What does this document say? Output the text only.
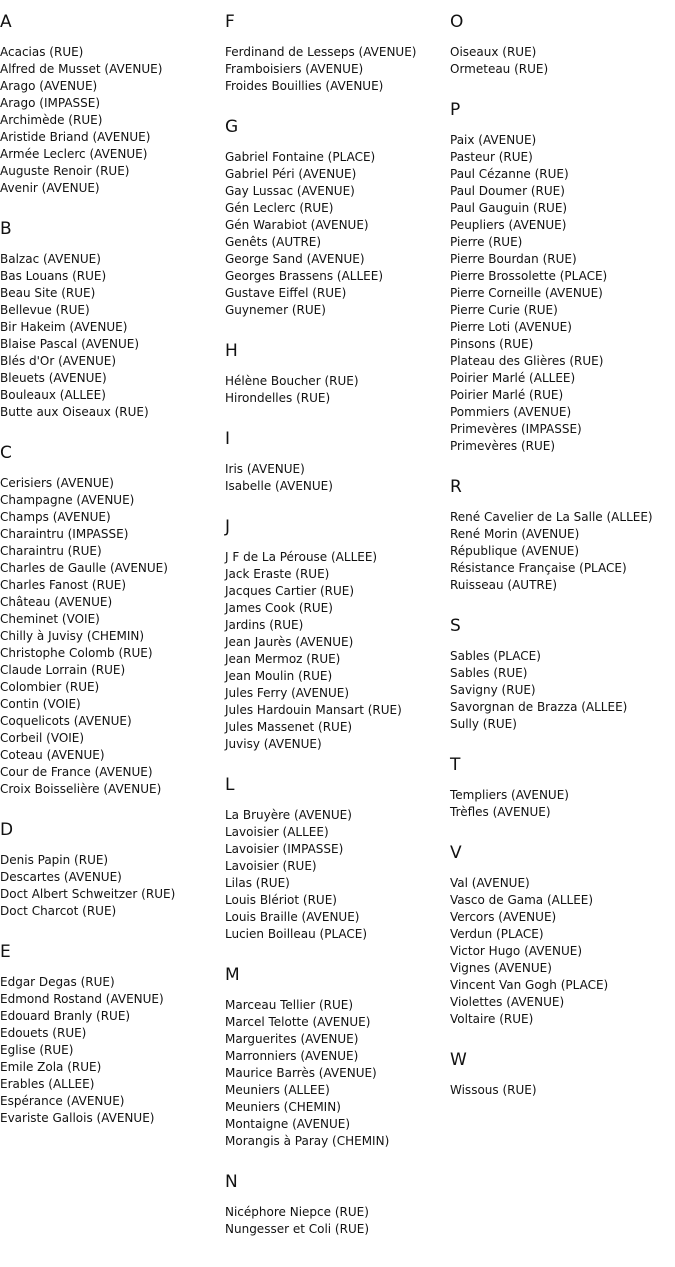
A
Acacias (RUE)
Alfred de Musset (AVENUE)
Arago (AVENUE)
Arago (IMPASSE)
Archimède (RUE)
Aristide Briand (AVENUE)
Armée Leclerc (AVENUE)
Auguste Renoir (RUE)
Avenir (AVENUE)
B
Balzac (AVENUE)
Bas Louans (RUE)
Beau Site (RUE)
Bellevue (RUE)
Bir Hakeim (AVENUE)
Blaise Pascal (AVENUE)
Blés d'Or (AVENUE)
Bleuets (AVENUE)
Bouleaux (ALLEE)
Butte aux Oiseaux (RUE)
C
Cerisiers (AVENUE)
Champagne (AVENUE)
Champs (AVENUE)
Charaintru (IMPASSE)
Charaintru (RUE)
Charles de Gaulle (AVENUE)
Charles Fanost (RUE)
Château (AVENUE)
Cheminet (VOIE)
Chilly à Juvisy (CHEMIN)
Christophe Colomb (RUE)
Claude Lorrain (RUE)
Colombier (RUE)
Contin (VOIE)
Coquelicots (AVENUE)
Corbeil (VOIE)
Coteau (AVENUE)
Cour de France (AVENUE)
Croix Boisselière (AVENUE)
D
Denis Papin (RUE)
Descartes (AVENUE)
Doct Albert Schweitzer (RUE)
Doct Charcot (RUE)
E
Edgar Degas (RUE)
Edmond Rostand (AVENUE)
Edouard Branly (RUE)
Edouets (RUE)
Eglise (RUE)
Emile Zola (RUE)
Erables (ALLEE)
Espérance (AVENUE)
Evariste Gallois (AVENUE)
F
Ferdinand de Lesseps (AVENUE)
Framboisiers (AVENUE)
Froides Bouillies (AVENUE)
G
Gabriel Fontaine (PLACE)
Gabriel Péri (AVENUE)
Gay Lussac (AVENUE)
Gén Leclerc (RUE)
Gén Warabiot (AVENUE)
Genêts (AUTRE)
George Sand (AVENUE)
Georges Brassens (ALLEE)
Gustave Eiffel (RUE)
Guynemer (RUE)
H
Hélène Boucher (RUE)
Hirondelles (RUE)
I
Iris (AVENUE)
Isabelle (AVENUE)
J
J F de La Pérouse (ALLEE)
Jack Eraste (RUE)
Jacques Cartier (RUE)
James Cook (RUE)
Jardins (RUE)
Jean Jaurès (AVENUE)
Jean Mermoz (RUE)
Jean Moulin (RUE)
Jules Ferry (AVENUE)
Jules Hardouin Mansart (RUE)
Jules Massenet (RUE)
Juvisy (AVENUE)
L
La Bruyère (AVENUE)
Lavoisier (ALLEE)
Lavoisier (IMPASSE)
Lavoisier (RUE)
Lilas (RUE)
Louis Blériot (RUE)
Louis Braille (AVENUE)
Lucien Boilleau (PLACE)
M
Marceau Tellier (RUE)
Marcel Telotte (AVENUE)
Marguerites (AVENUE)
Marronniers (AVENUE)
Maurice Barrès (AVENUE)
Meuniers (ALLEE)
Meuniers (CHEMIN)
Montaigne (AVENUE)
Morangis à Paray (CHEMIN)
N
Nicéphore Niepce (RUE)
Nungesser et Coli (RUE)
O
Oiseaux (RUE)
Ormeteau (RUE)
P
Paix (AVENUE)
Pasteur (RUE)
Paul Cézanne (RUE)
Paul Doumer (RUE)
Paul Gauguin (RUE)
Peupliers (AVENUE)
Pierre (RUE)
Pierre Bourdan (RUE)
Pierre Brossolette (PLACE)
Pierre Corneille (AVENUE)
Pierre Curie (RUE)
Pierre Loti (AVENUE)
Pinsons (RUE)
Plateau des Glières (RUE)
Poirier Marlé (ALLEE)
Poirier Marlé (RUE)
Pommiers (AVENUE)
Primevères (IMPASSE)
Primevères (RUE)
R
René Cavelier de La Salle (ALLEE)
René Morin (AVENUE)
République (AVENUE)
Résistance Française (PLACE)
Ruisseau (AUTRE)
S
Sables (PLACE)
Sables (RUE)
Savigny (RUE)
Savorgnan de Brazza (ALLEE)
Sully (RUE)
T
Templiers (AVENUE)
Trèfles (AVENUE)
V
Val (AVENUE)
Vasco de Gama (ALLEE)
Vercors (AVENUE)
Verdun (PLACE)
Victor Hugo (AVENUE)
Vignes (AVENUE)
Vincent Van Gogh (PLACE)
Violettes (AVENUE)
Voltaire (RUE)
W
Wissous (RUE)
